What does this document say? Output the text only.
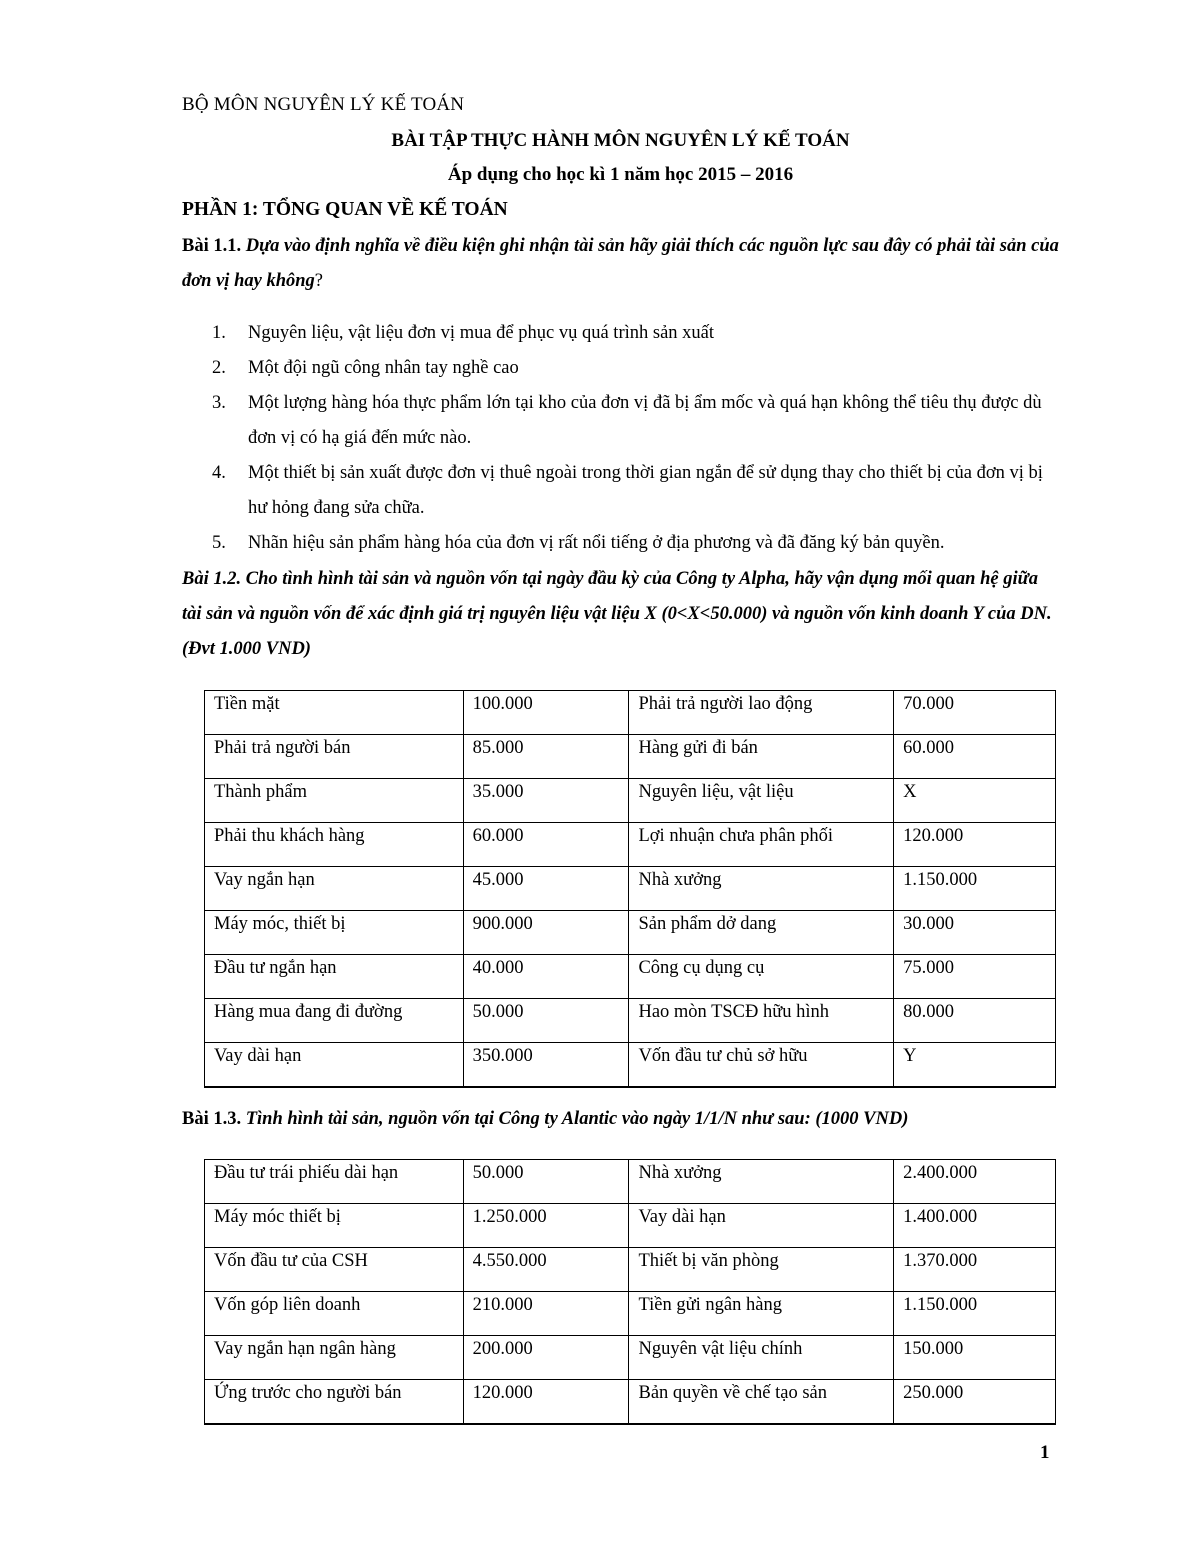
BỘ MÔN NGUYÊN LÝ KẾ TOÁN
BÀI TẬP THỰC HÀNH MÔN NGUYÊN LÝ KẾ TOÁN
Áp dụng cho học kì 1 năm học 2015 – 2016
PHẦN 1: TỔNG QUAN VỀ KẾ TOÁN
Bài 1.1. Dựa vào định nghĩa về điều kiện ghi nhận tài sản hãy giải thích các nguồn lực sau đây có phải tài sản của đơn vị hay không?
1. Nguyên liệu, vật liệu đơn vị mua để phục vụ quá trình sản xuất
2. Một đội ngũ công nhân tay nghề cao
3. Một lượng hàng hóa thực phẩm lớn tại kho của đơn vị đã bị ẩm mốc và quá hạn không thể tiêu thụ được dù đơn vị có hạ giá đến mức nào.
4. Một thiết bị sản xuất được đơn vị thuê ngoài trong thời gian ngắn để sử dụng thay cho thiết bị của đơn vị bị hư hỏng đang sửa chữa.
5. Nhãn hiệu sản phẩm hàng hóa của đơn vị rất nổi tiếng ở địa phương và đã đăng ký bản quyền.
Bài 1.2. Cho tình hình tài sản và nguồn vốn tại ngày đầu kỳ của Công ty Alpha, hãy vận dụng mối quan hệ giữa tài sản và nguồn vốn để xác định giá trị nguyên liệu vật liệu X (0<X<50.000) và nguồn vốn kinh doanh Y của DN. (Đvt 1.000 VND)
Tiền mặt	100.000	Phải trả người lao động	70.000
Phải trả người bán	85.000	Hàng gửi đi bán	60.000
Thành phẩm	35.000	Nguyên liệu, vật liệu	X
Phải thu khách hàng	60.000	Lợi nhuận chưa phân phối	120.000
Vay ngắn hạn	45.000	Nhà xưởng	1.150.000
Máy móc, thiết bị	900.000	Sản phẩm dở dang	30.000
Đầu tư ngắn hạn	40.000	Công cụ dụng cụ	75.000
Hàng mua đang đi đường	50.000	Hao mòn TSCĐ hữu hình	80.000
Vay dài hạn	350.000	Vốn đầu tư chủ sở hữu	Y
Bài 1.3. Tình hình tài sản, nguồn vốn tại Công ty Alantic vào ngày 1/1/N như sau: (1000 VND)
Đầu tư trái phiếu dài hạn	50.000	Nhà xưởng	2.400.000
Máy móc thiết bị	1.250.000	Vay dài hạn	1.400.000
Vốn đầu tư của CSH	4.550.000	Thiết bị văn phòng	1.370.000
Vốn góp liên doanh	210.000	Tiền gửi ngân hàng	1.150.000
Vay ngắn hạn ngân hàng	200.000	Nguyên vật liệu chính	150.000
Ứng trước cho người bán	120.000	Bản quyền về chế tạo sản	250.000
1
